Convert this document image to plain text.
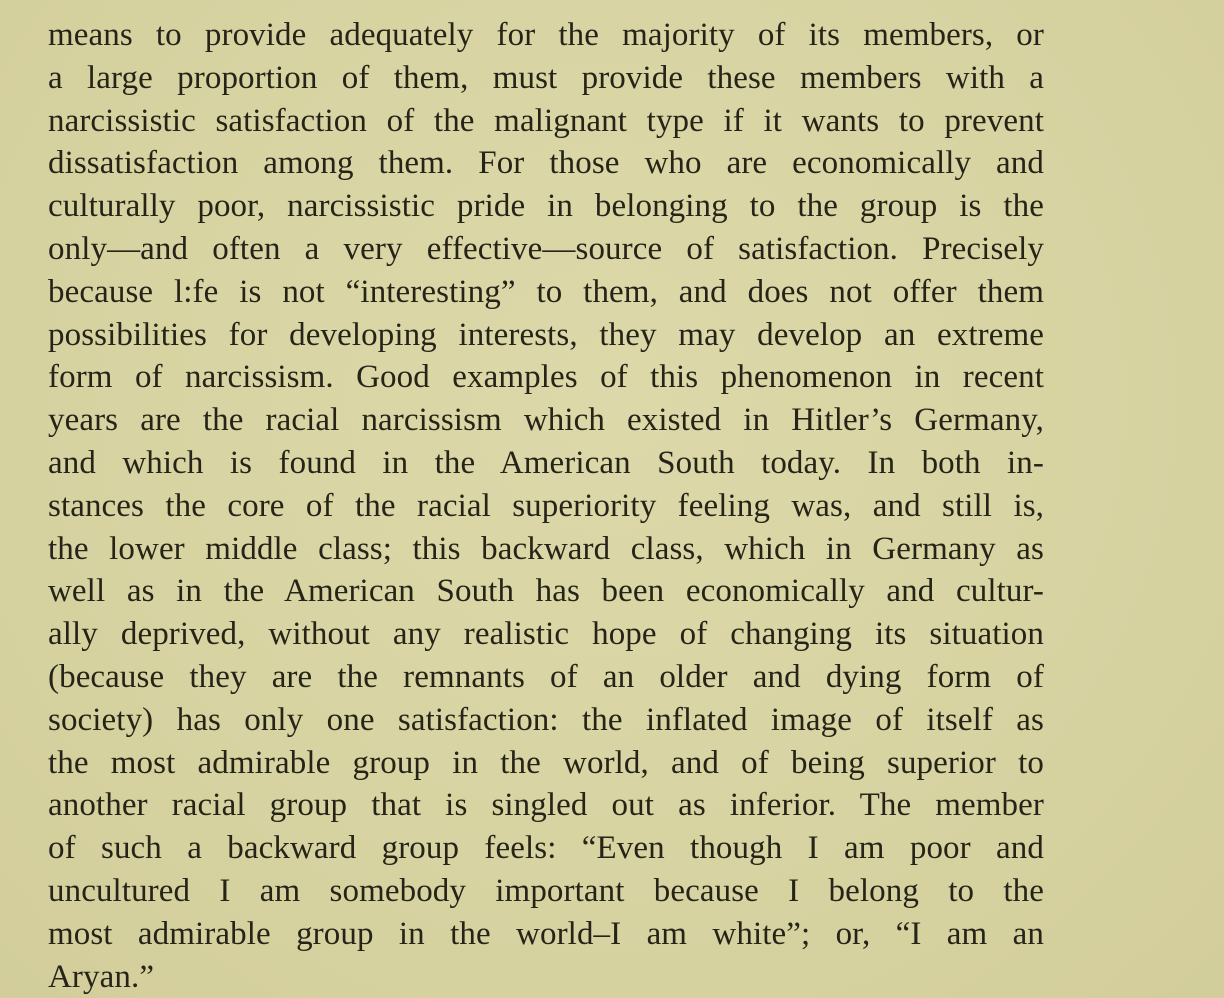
means to provide adequately for the majority of its members, or
a large proportion of them, must provide these members with a
narcissistic satisfaction of the malignant type if it wants to prevent
dissatisfaction among them. For those who are economically and
culturally poor, narcissistic pride in belonging to the group is the
only—and often a very effective—source of satisfaction. Precisely
because l:fe is not “interesting” to them, and does not offer them
possibilities for developing interests, they may develop an extreme
form of narcissism. Good examples of this phenomenon in recent
years are the racial narcissism which existed in Hitler’s Germany,
and which is found in the American South today. In both in-
stances the core of the racial superiority feeling was, and still is,
the lower middle class; this backward class, which in Germany as
well as in the American South has been economically and cultur-
ally deprived, without any realistic hope of changing its situation
(because they are the remnants of an older and dying form of
society) has only one satisfaction: the inflated image of itself as
the most admirable group in the world, and of being superior to
another racial group that is singled out as inferior. The member
of such a backward group feels: “Even though I am poor and
uncultured I am somebody important because I belong to the
most admirable group in the world–I am white”; or, “I am an
Aryan.”
